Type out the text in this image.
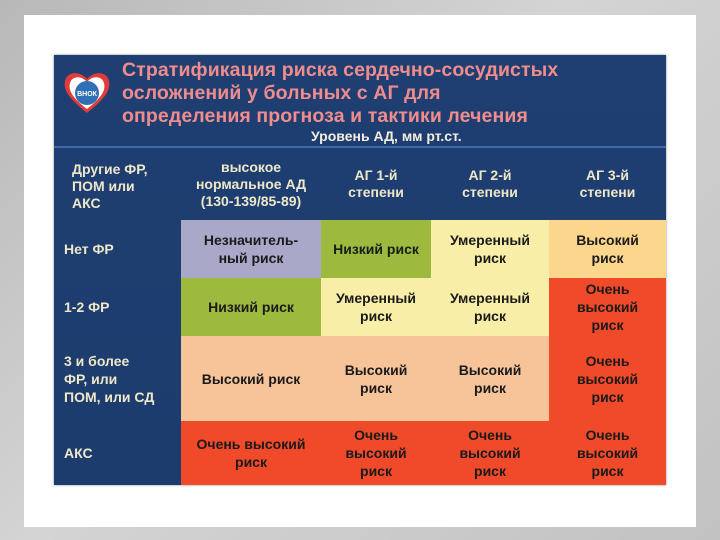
ВНОК
Стратификация риска сердечно-сосудистых
осложнений у больных с АГ для
определения прогноза и тактики лечения
Уровень АД, мм рт.ст.
Другие ФР,
ПОМ или
АКС
высокое
нормальное АД
(130-139/85-89)
АГ 1-й
степени
АГ 2-й
степени
АГ 3-й
степени
Нет ФР
1-2 ФР
3 и более
ФР, или
ПОМ, или СД
АКС
Незначитель-
ный риск
Низкий риск
Умеренный
риск
Высокий
риск
Низкий риск
Умеренный
риск
Умеренный
риск
Очень
высокий
риск
Высокий риск
Высокий
риск
Высокий
риск
Очень
высокий
риск
Очень высокий
риск
Очень
высокий
риск
Очень
высокий
риск
Очень
высокий
риск
